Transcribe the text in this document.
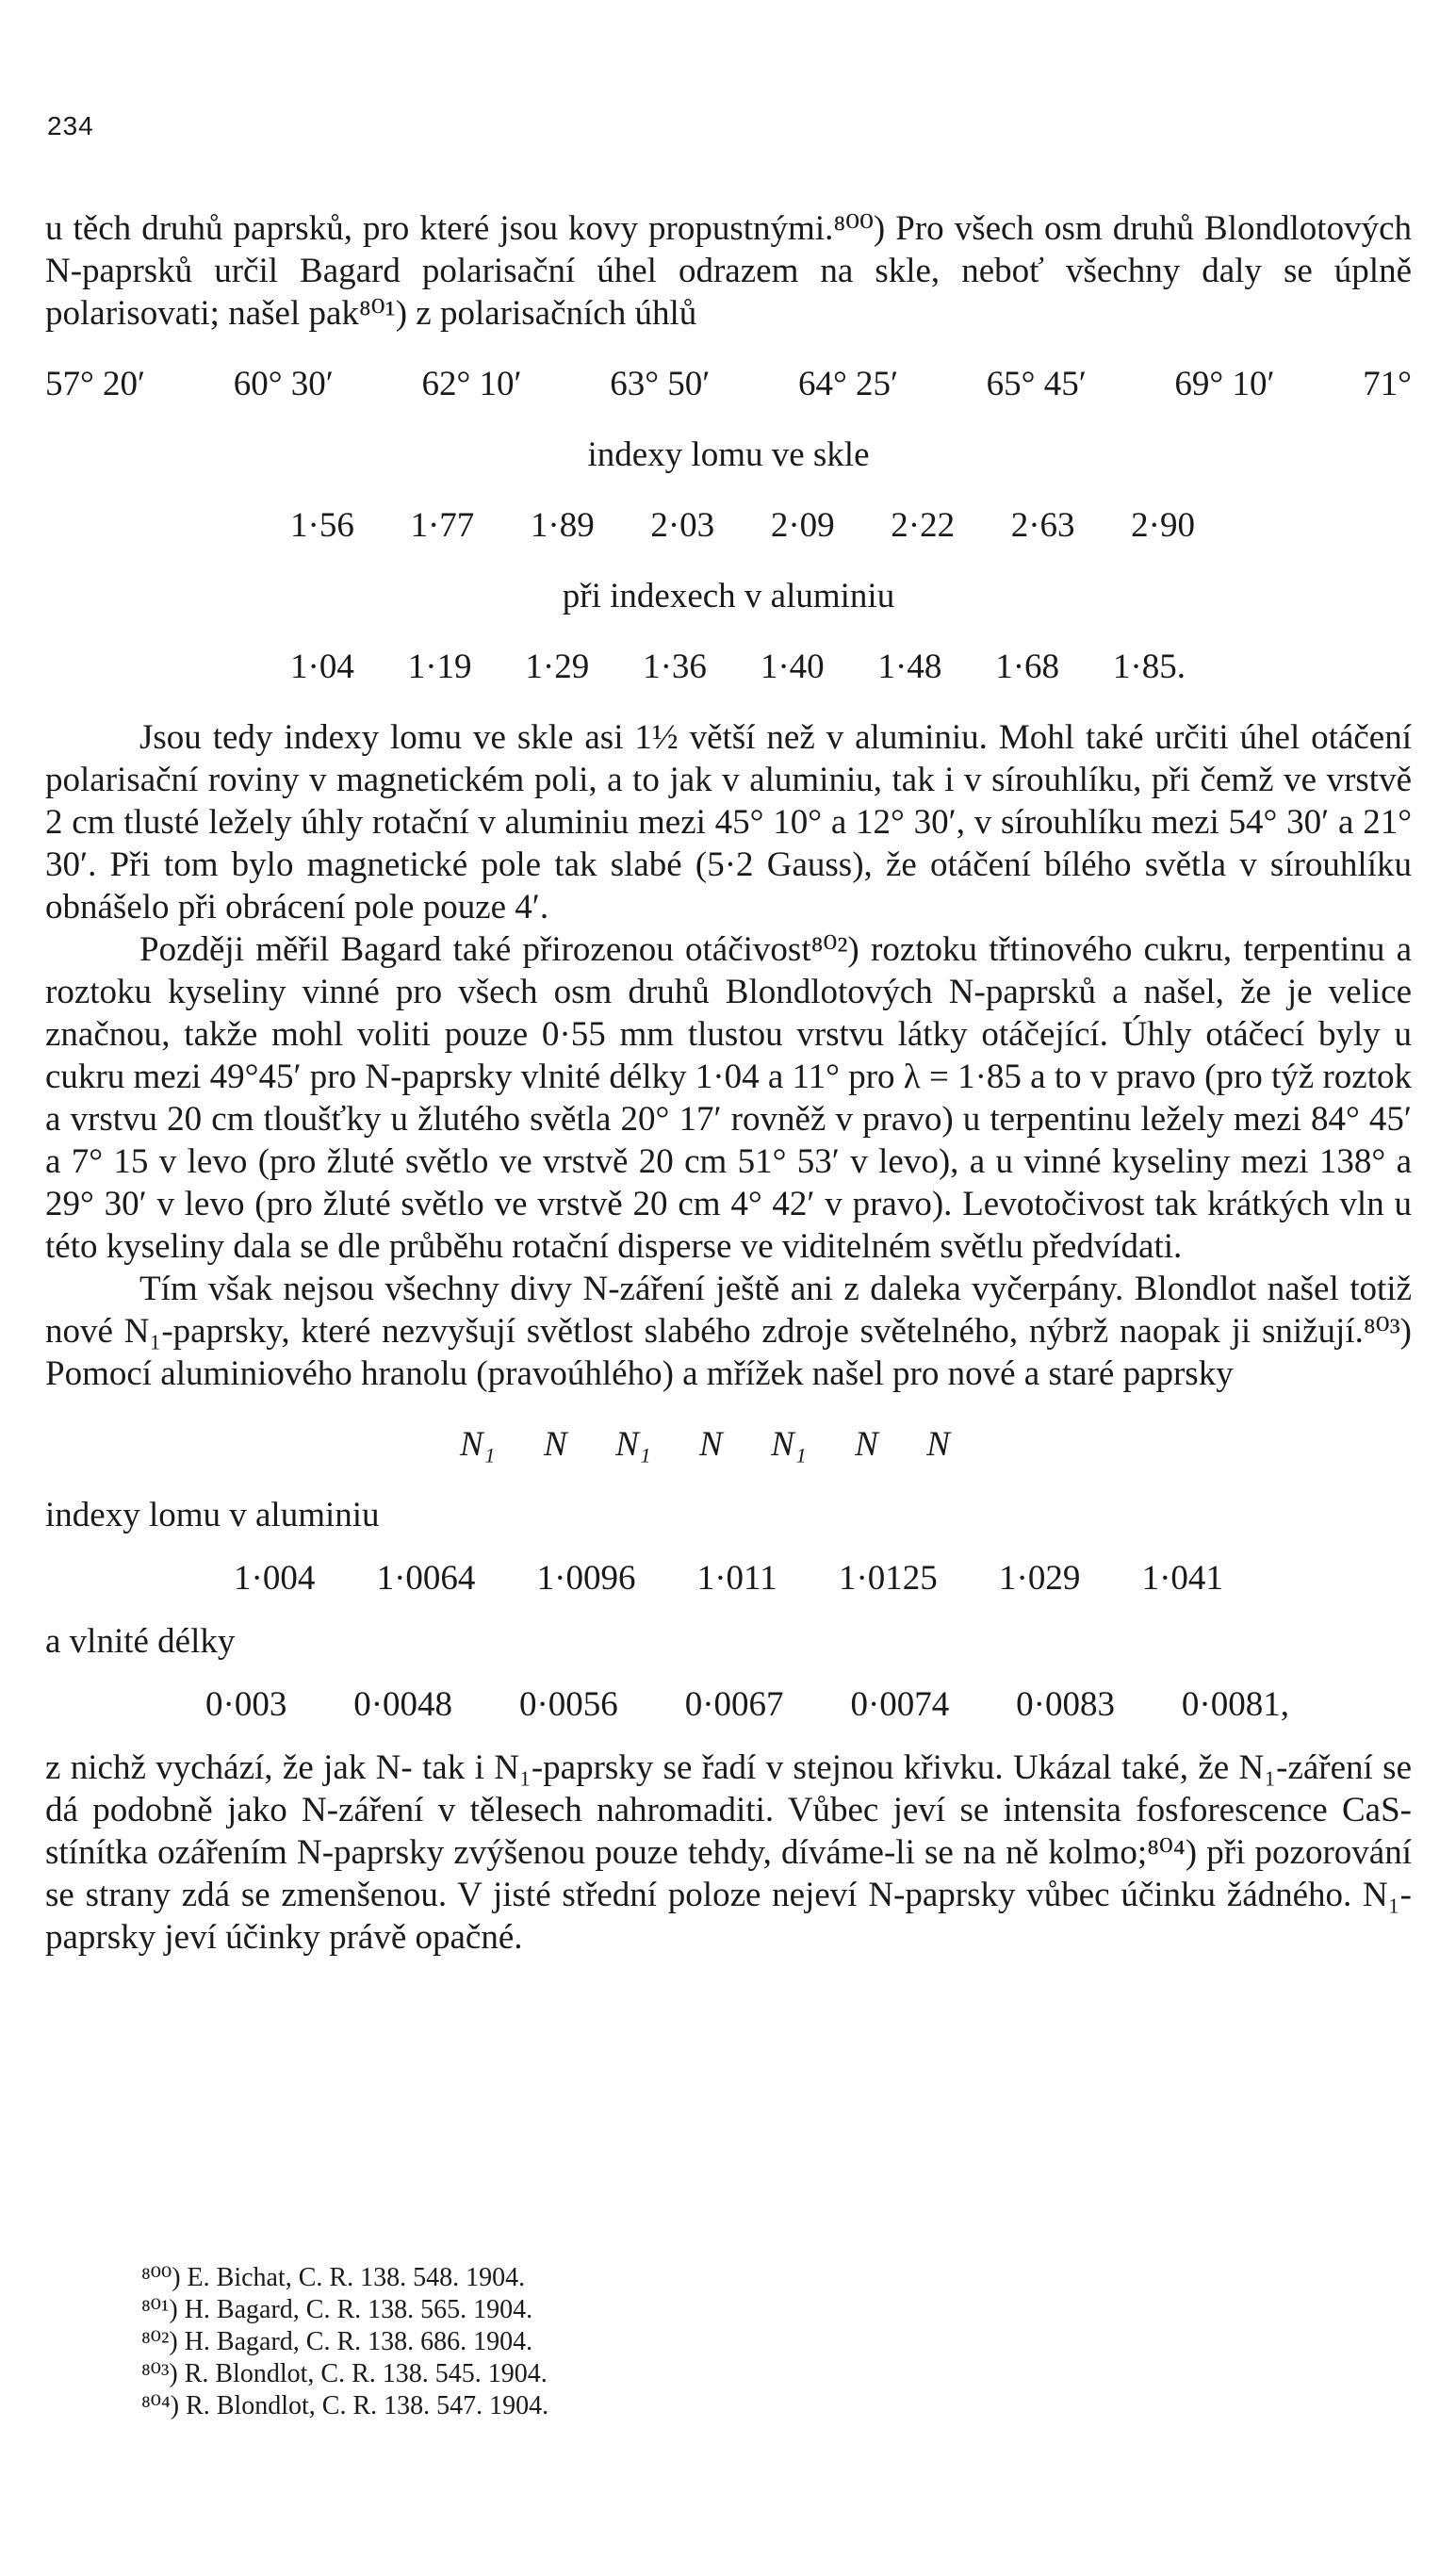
234

u těch druhů paprsků, pro které jsou kovy propustnými.⁸⁰⁰) Pro všech osm druhů Blondlotových N-paprsků určil Bagard polarisační úhel odrazem na skle, neboť všechny daly se úplně polarisovati; našel pak⁸⁰¹) z polarisačních úhlů

57° 20′	60° 30′	62° 10′	63° 50′	64° 25′	65° 45′	69° 10′	71°

indexy lomu ve skle

1·56 1·77 1·89 2·03 2·09 2·22 2·63 2·90

při indexech v aluminiu

1·04 1·19 1·29 1·36 1·40 1·48 1·68 1·85.

Jsou tedy indexy lomu ve skle asi 1½ větší než v aluminiu. Mohl také určiti úhel otáčení polarisační roviny v magnetickém poli, a to jak v aluminiu, tak i v sírouhlíku, při čemž ve vrstvě 2 cm tlusté ležely úhly rotační v aluminiu mezi 45° 10° a 12° 30′, v sírouhlíku mezi 54° 30′ a 21° 30′. Při tom bylo magnetické pole tak slabé (5·2 Gauss), že otáčení bílého světla v sírouhlíku obnášelo při obrácení pole pouze 4′.

Později měřil Bagard také přirozenou otáčivost⁸⁰²) roztoku třtinového cukru, terpentinu a roztoku kyseliny vinné pro všech osm druhů Blondlotových N-paprsků a našel, že je velice značnou, takže mohl voliti pouze 0·55 mm tlustou vrstvu látky otáčející. Úhly otáčecí byly u cukru mezi 49°45′ pro N-paprsky vlnité délky 1·04 a 11° pro λ = 1·85 a to v pravo (pro týž roztok a vrstvu 20 cm tloušťky u žlutého světla 20° 17′ rovněž v pravo) u terpentinu ležely mezi 84° 45′ a 7° 15 v levo (pro žluté světlo ve vrstvě 20 cm 51° 53′ v levo), a u vinné kyseliny mezi 138° a 29° 30′ v levo (pro žluté světlo ve vrstvě 20 cm 4° 42′ v pravo). Levotočivost tak krátkých vln u této kyseliny dala se dle průběhu rotační disperse ve viditelném světlu předvídati.

Tím však nejsou všechny divy N-záření ještě ani z daleka vyčerpány. Blondlot našel totiž nové N₁-paprsky, které nezvyšují světlost slabého zdroje světelného, nýbrž naopak ji snižují.⁸⁰³) Pomocí aluminiového hranolu (pravoúhlého) a mřížek našel pro nové a staré paprsky

N₁ N N₁ N N₁ N N

indexy lomu v aluminiu

1·004 1·0064 1·0096 1·011 1·0125 1·029 1·041

a vlnité délky

0·003 0·0048 0·0056 0·0067 0·0074 0·0083 0·0081,

z nichž vychází, že jak N- tak i N₁-paprsky se řadí v stejnou křivku. Ukázal také, že N₁-záření se dá podobně jako N-záření v tělesech nahromaditi. Vůbec jeví se intensita fosforescence CaS-stínítka ozářením N-paprsky zvýšenou pouze tehdy, díváme-li se na ně kolmo;⁸⁰⁴) při pozorování se strany zdá se zmenšenou. V jisté střední poloze nejeví N-paprsky vůbec účinku žádného. N₁-paprsky jeví účinky právě opačné.

⁸⁰⁰) E. Bichat, C. R. 138. 548. 1904.
⁸⁰¹) H. Bagard, C. R. 138. 565. 1904.
⁸⁰²) H. Bagard, C. R. 138. 686. 1904.
⁸⁰³) R. Blondlot, C. R. 138. 545. 1904.
⁸⁰⁴) R. Blondlot, C. R. 138. 547. 1904.
